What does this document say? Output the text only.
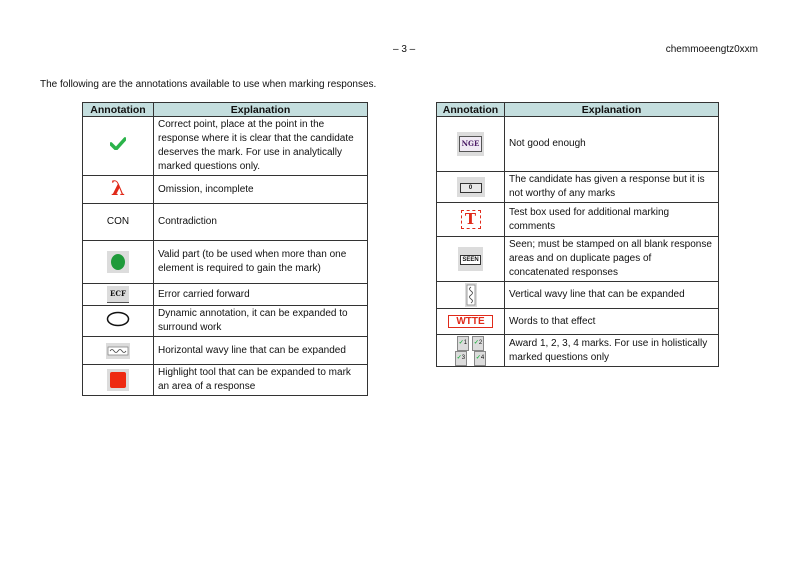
– 3 –	chemmoeengtz0xxm
The following are the annotations available to use when marking responses.
Annotation	Explanation
	Correct point, place at the point in the response where it is clear that the candidate deserves the mark. For use in analytically marked questions only.
λ	Omission, incomplete
CON	Contradiction

	Valid part (to be used when more than one element is required to gain the mark)
ECF	Error carried forward
	Dynamic annotation, it can be expanded to surround work

	Horizontal wavy line that can be expanded

	Highlight tool that can be expanded to mark an area of a response
Annotation	Explanation
NGE	Not good enough
0	The candidate has given a response but it is not worthy of any marks
T	Test box used for additional marking comments
SEEN	Seen; must be stamped on all blank response areas and on duplicate pages of concatenated responses

	Vertical wavy line that can be expanded
WTTE	Words to that effect
✓1 ✓2
✓3 ✓4	Award 1, 2, 3, 4 marks. For use in holistically marked questions only
